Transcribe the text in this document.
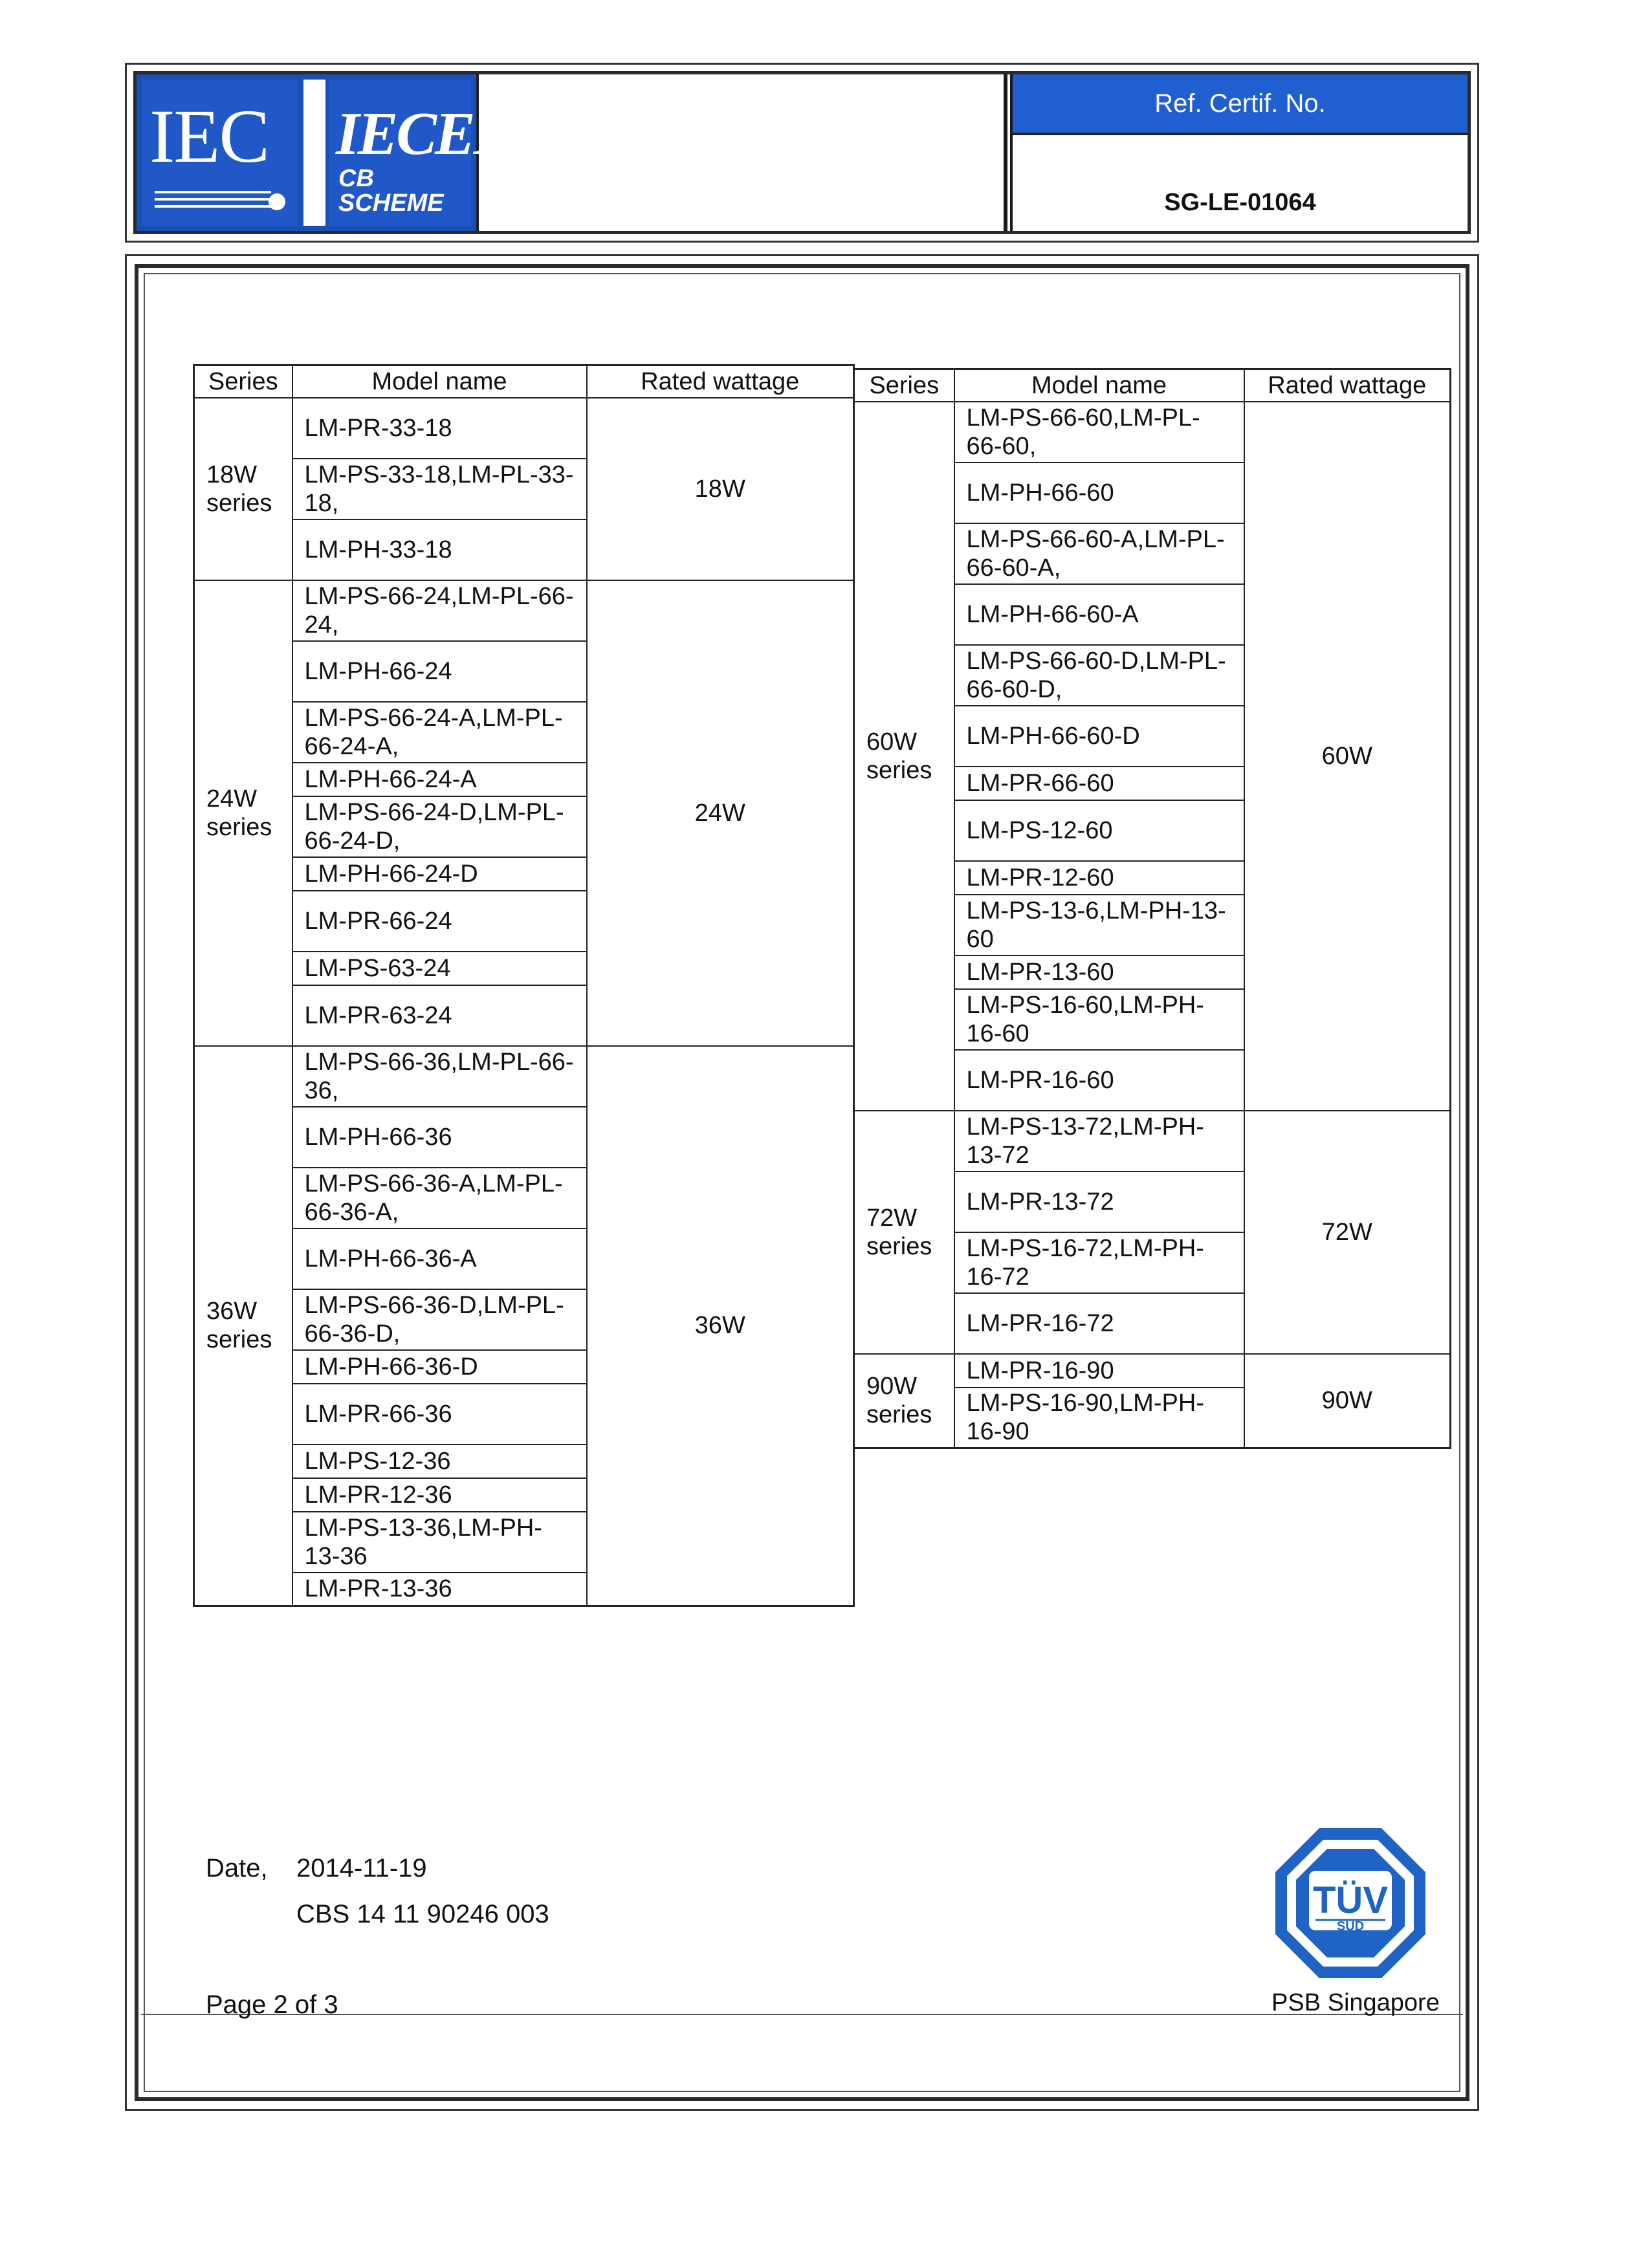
IEC IECEE
CB
SCHEME
Ref. Certif. No.
SG-LE-01064
Series	Model name	Rated wattage
18W series	LM-PR-33-18	18W
	LM-PS-33-18,LM-PL-33-18,	
	LM-PH-33-18	
24W series	LM-PS-66-24,LM-PL-66-24,	24W
	LM-PH-66-24	
	LM-PS-66-24-A,LM-PL-66-24-A,	
	LM-PH-66-24-A	
	LM-PS-66-24-D,LM-PL-66-24-D,	
	LM-PH-66-24-D	
	LM-PR-66-24	
	LM-PS-63-24	
	LM-PR-63-24	
36W series	LM-PS-66-36,LM-PL-66-36,	36W
	LM-PH-66-36	
	LM-PS-66-36-A,LM-PL-66-36-A,	
	LM-PH-66-36-A	
	LM-PS-66-36-D,LM-PL-66-36-D,	
	LM-PH-66-36-D	
	LM-PR-66-36	
	LM-PS-12-36	
	LM-PR-12-36	
	LM-PS-13-36,LM-PH-13-36	
	LM-PR-13-36	
Series	Model name	Rated wattage
60W series	LM-PS-66-60,LM-PL-66-60,	60W
	LM-PH-66-60	
	LM-PS-66-60-A,LM-PL-66-60-A,	
	LM-PH-66-60-A	
	LM-PS-66-60-D,LM-PL-66-60-D,	
	LM-PH-66-60-D	
	LM-PR-66-60	
	LM-PS-12-60	
	LM-PR-12-60	
	LM-PS-13-6,LM-PH-13-60	
	LM-PR-13-60	
	LM-PS-16-60,LM-PH-16-60	
	LM-PR-16-60	
72W series	LM-PS-13-72,LM-PH-13-72	72W
	LM-PR-13-72	
	LM-PS-16-72,LM-PH-16-72	
	LM-PR-16-72	
90W series	LM-PR-16-90	90W
	LM-PS-16-90,LM-PH-16-90	
Date, 2014-11-19
CBS 14 11 90246 003
Page 2 of 3
TÜV
SÜD
PSB Singapore
